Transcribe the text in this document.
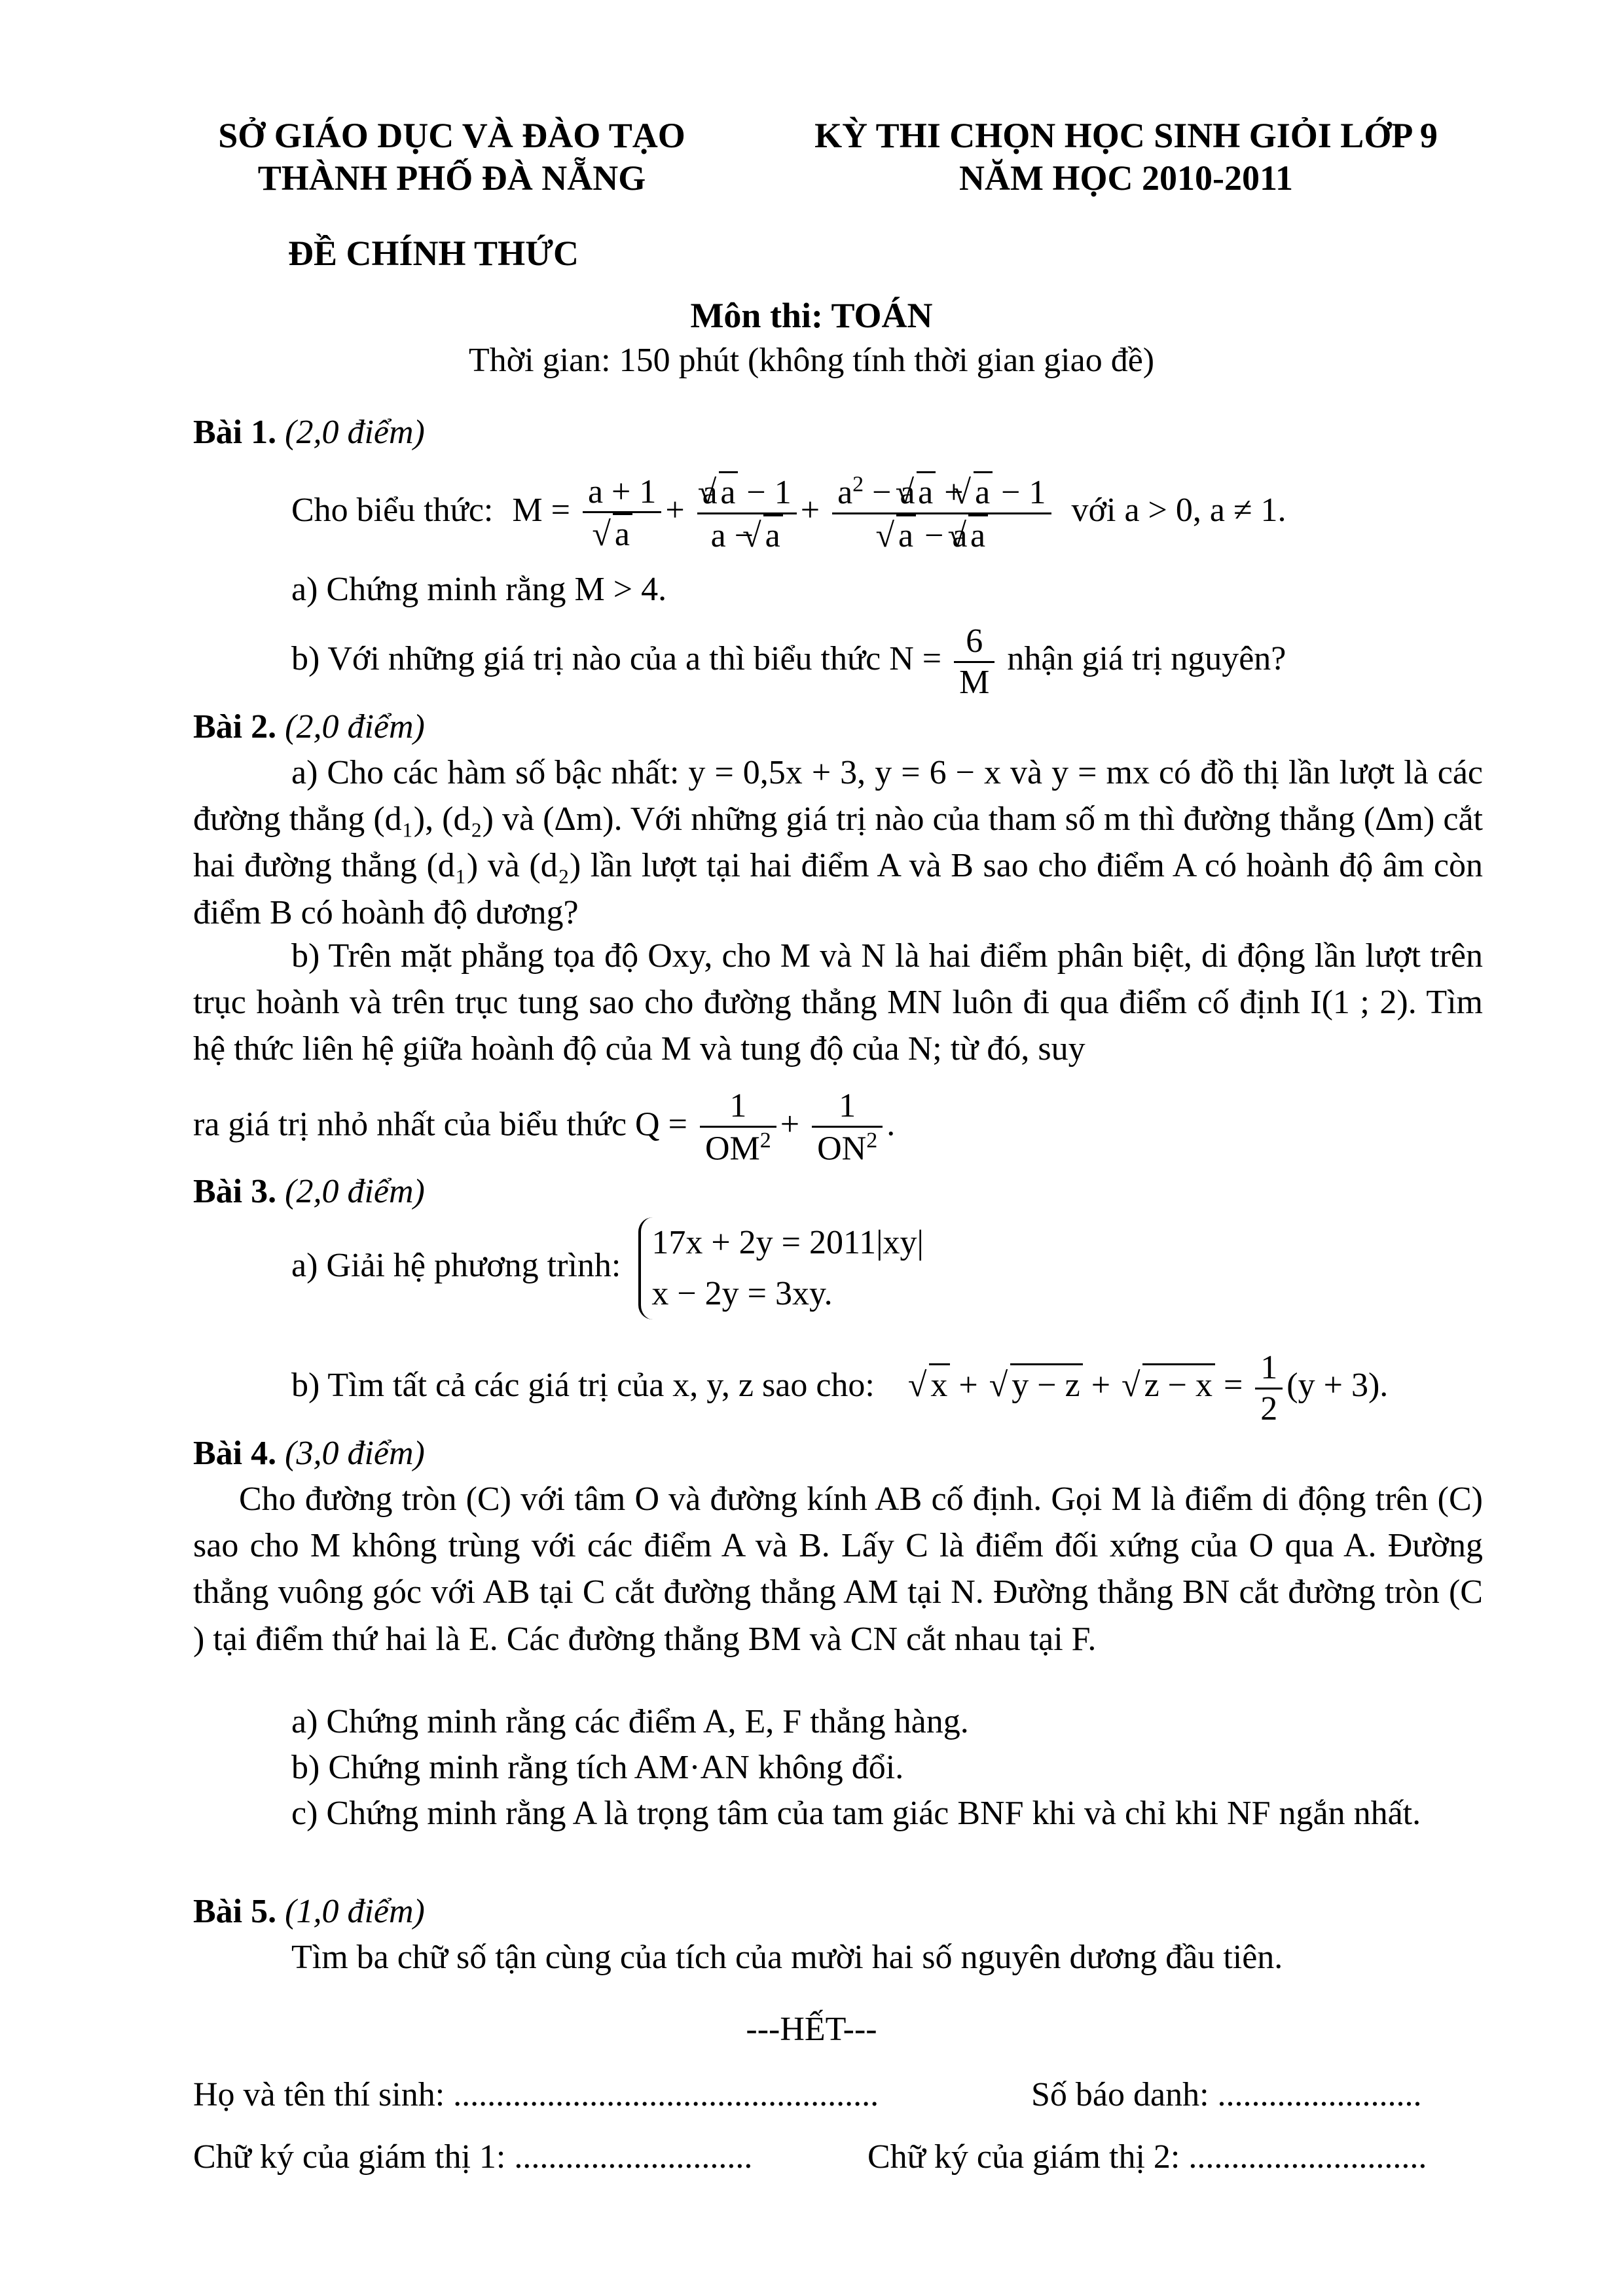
SỞ GIÁO DỤC VÀ ĐÀO TẠO
THÀNH PHỐ ĐÀ NẴNG
KỲ THI CHỌN HỌC SINH GIỎI LỚP 9
NĂM HỌC 2010-2011
ĐỀ CHÍNH THỨC
Môn thi: TOÁN
Thời gian: 150 phút (không tính thời gian giao đề)
Bài 1. (2,0 điểm)
Cho biểu thức: M = a + 1
√ $a + \frac{a√ a - 1}{a - √ a} + a^2 - a√$ a + √ a − 1
√ a − a√ a với a > 0, a ≠ 1.
a) Chứng minh rằng M > 4.
b) Với những giá trị nào của a thì biểu thức $N = \frac{6}{M}$ nhận giá trị nguyên?
Bài 2. (2,0 điểm)
a) Cho các hàm số bậc nhất: y = 0,5x + 3, y = 6 − x và y = mx có đồ thị lần lượt là các đường thẳng (d₁), (d₂) và (Δm). Với những giá trị nào của tham số m thì đường thẳng (Δm) cắt hai đường thẳng (d₁) và (d₂) lần lượt tại hai điểm A và B sao cho điểm A có hoành độ âm còn điểm B có hoành độ dương?
b) Trên mặt phẳng tọa độ Oxy, cho M và N là hai điểm phân biệt, di động lần lượt trên trục hoành và trên trục tung sao cho đường thẳng MN luôn đi qua điểm cố định I(1 ; 2). Tìm hệ thức liên hệ giữa hoành độ của M và tung độ của N; từ đó, suy
ra giá trị nhỏ nhất của biểu thức $Q = \frac{1}{OM^2} + \frac{1}{ON^2}$ .
Bài 3. (2,0 điểm)
a) Giải hệ phương trình:
17x + 2y = 2011|xy|
x − 2y = 3xy.
b) Tìm tất cả các giá trị của x, y, z sao cho: √ x + √ y − z + √ $z - x = \frac{1}{2} (y + 3)$.
Bài 4. (3,0 điểm)
Cho đường tròn (C) với tâm O và đường kính AB cố định. Gọi M là điểm di động trên (C) sao cho M không trùng với các điểm A và B. Lấy C là điểm đối xứng của O qua A. Đường thẳng vuông góc với AB tại C cắt đường thẳng AM tại N. Đường thẳng BN cắt đường tròn (C ) tại điểm thứ hai là E. Các đường thẳng BM và CN cắt nhau tại F.
a) Chứng minh rằng các điểm A, E, F thẳng hàng.
b) Chứng minh rằng tích AM·AN không đổi.
c) Chứng minh rằng A là trọng tâm của tam giác BNF khi và chỉ khi NF ngắn nhất.
Bài 5. (1,0 điểm)
Tìm ba chữ số tận cùng của tích của mười hai số nguyên dương đầu tiên.
---HẾT---
Họ và tên thí sinh: ..................................................	Số báo danh: ........................
Chữ ký của giám thị 1: ............................	Chữ ký của giám thị 2: ............................
